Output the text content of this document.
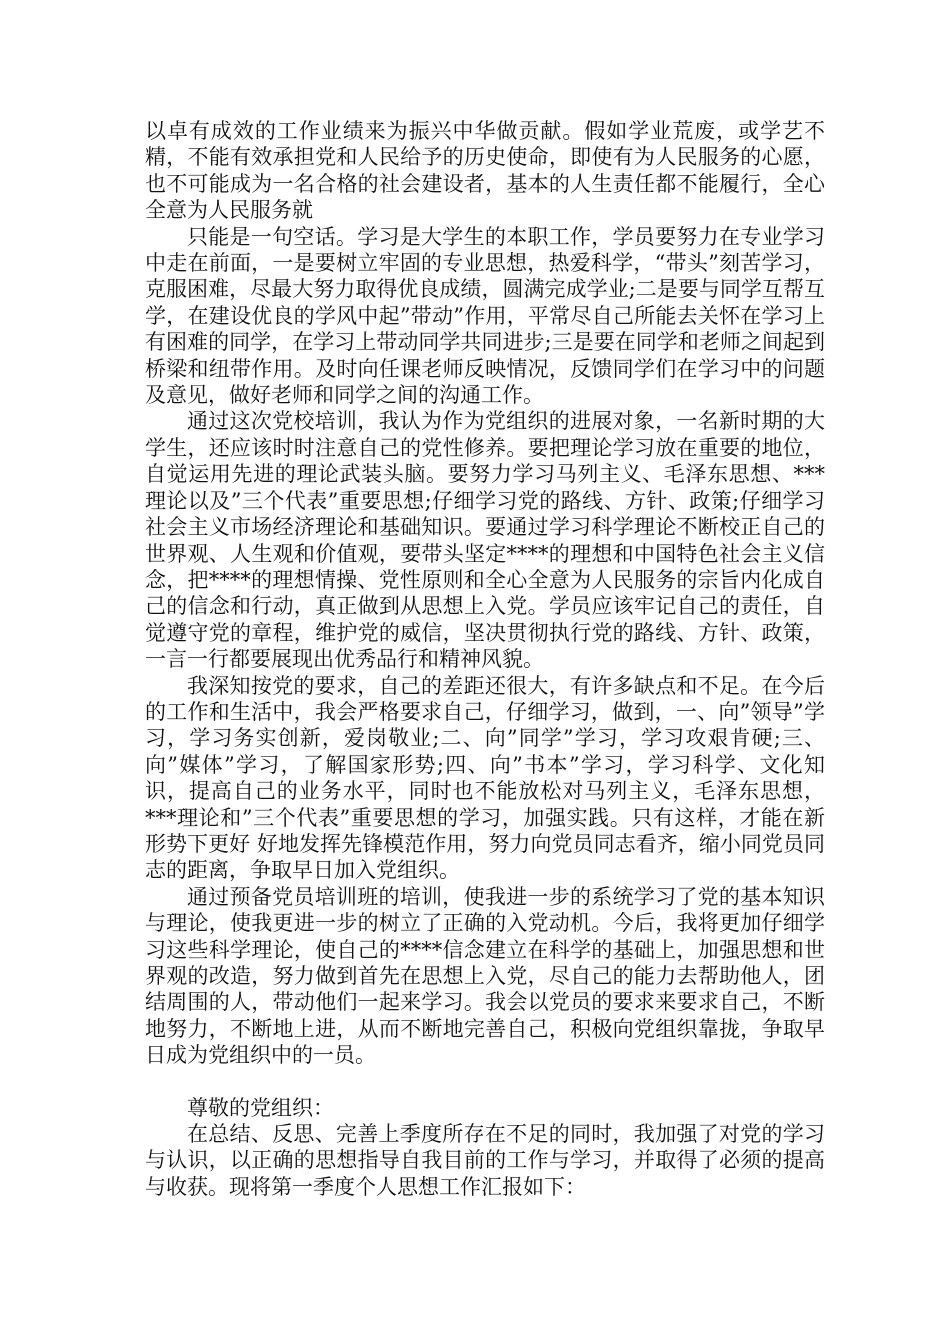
以卓有成效的工作业绩来为振兴中华做贡献。假如学业荒废，或学艺不精，不能有效承担党和人民给予的历史使命，即使有为人民服务的心愿，也不可能成为一名合格的社会建设者，基本的人生责任都不能履行，全心全意为人民服务就

只能是一句空话。学习是大学生的本职工作，学员要努力在专业学习中走在前面，一是要树立牢固的专业思想，热爱科学，“带头”刻苦学习，克服困难，尽最大努力取得优良成绩，圆满完成学业;二是要与同学互帮互学，在建设优良的学风中起”带动”作用，平常尽自己所能去关怀在学习上有困难的同学，在学习上带动同学共同进步;三是要在同学和老师之间起到桥梁和纽带作用。及时向任课老师反映情况，反馈同学们在学习中的问题及意见，做好老师和同学之间的沟通工作。

通过这次党校培训，我认为作为党组织的进展对象，一名新时期的大学生，还应该时时注意自己的党性修养。要把理论学习放在重要的地位，自觉运用先进的理论武装头脑。要努力学习马列主义、毛泽东思想、***理论以及”三个代表”重要思想;仔细学习党的路线、方针、政策;仔细学习社会主义市场经济理论和基础知识。要通过学习科学理论不断校正自己的世界观、人生观和价值观，要带头坚定****的理想和中国特色社会主义信念，把****的理想情操、党性原则和全心全意为人民服务的宗旨内化成自己的信念和行动，真正做到从思想上入党。学员应该牢记自己的责任，自觉遵守党的章程，维护党的威信，坚决贯彻执行党的路线、方针、政策，一言一行都要展现出优秀品行和精神风貌。

我深知按党的要求，自己的差距还很大，有许多缺点和不足。在今后的工作和生活中，我会严格要求自己，仔细学习，做到，一、向”领导”学习，学习务实创新，爱岗敬业;二、向”同学”学习，学习攻艰肯硬;三、向”媒体”学习，了解国家形势;四、向”书本”学习，学习科学、文化知识，提高自己的业务水平，同时也不能放松对马列主义，毛泽东思想，***理论和”三个代表”重要思想的学习，加强实践。只有这样，才能在新形势下更好 好地发挥先锋模范作用，努力向党员同志看齐，缩小同党员同志的距离，争取早日加入党组织。

通过预备党员培训班的培训，使我进一步的系统学习了党的基本知识与理论，使我更进一步的树立了正确的入党动机。今后，我将更加仔细学习这些科学理论，使自己的****信念建立在科学的基础上，加强思想和世界观的改造，努力做到首先在思想上入党，尽自己的能力去帮助他人，团结周围的人，带动他们一起来学习。我会以党员的要求来要求自己，不断地努力，不断地上进，从而不断地完善自己，积极向党组织靠拢，争取早日成为党组织中的一员。

尊敬的党组织：

在总结、反思、完善上季度所存在不足的同时，我加强了对党的学习与认识，以正确的思想指导自我目前的工作与学习，并取得了必须的提高与收获。现将第一季度个人思想工作汇报如下：
